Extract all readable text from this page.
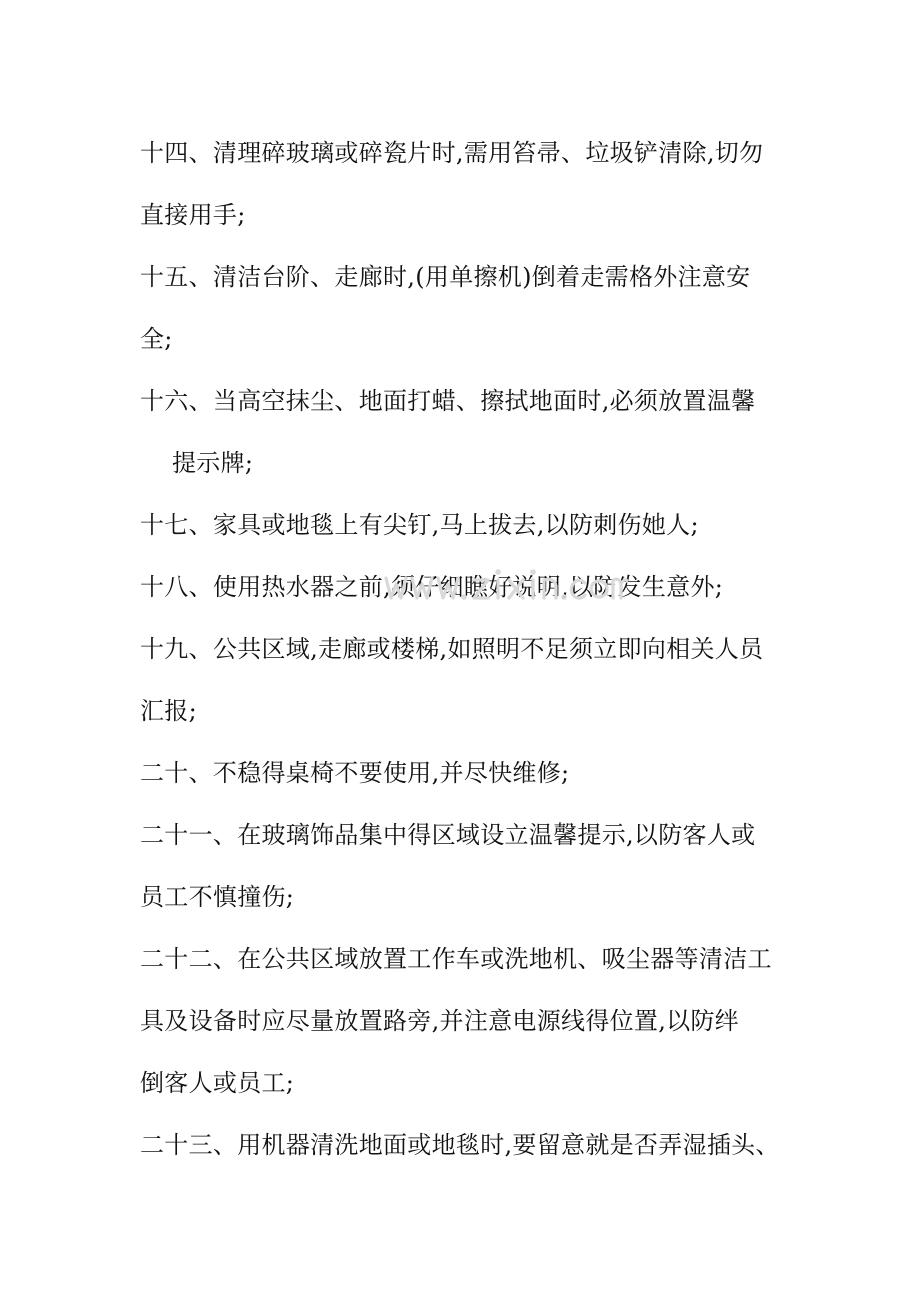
十四、清理碎玻璃或碎瓷片时,需用笞帚、垃圾铲清除,切勿
直接用手;
十五、清洁台阶、走廊时,(用单擦机)倒着走需格外注意安
全;
十六、当高空抹尘、地面打蜡、擦拭地面时,必须放置温馨
提示牌;
十七、家具或地毯上有尖钉,马上拔去,以防刺伤她人;
十八、使用热水器之前,须仔细瞧好说明,以防发生意外;
十九、公共区域,走廊或楼梯,如照明不足须立即向相关人员
汇报;
二十、不稳得桌椅不要使用,并尽快维修;
二十一、在玻璃饰品集中得区域设立温馨提示,以防客人或
员工不慎撞伤;
二十二、在公共区域放置工作车或洗地机、吸尘器等清洁工
具及设备时应尽量放置路旁,并注意电源线得位置,以防绊
倒客人或员工;
二十三、用机器清洗地面或地毯时,要留意就是否弄湿插头、
